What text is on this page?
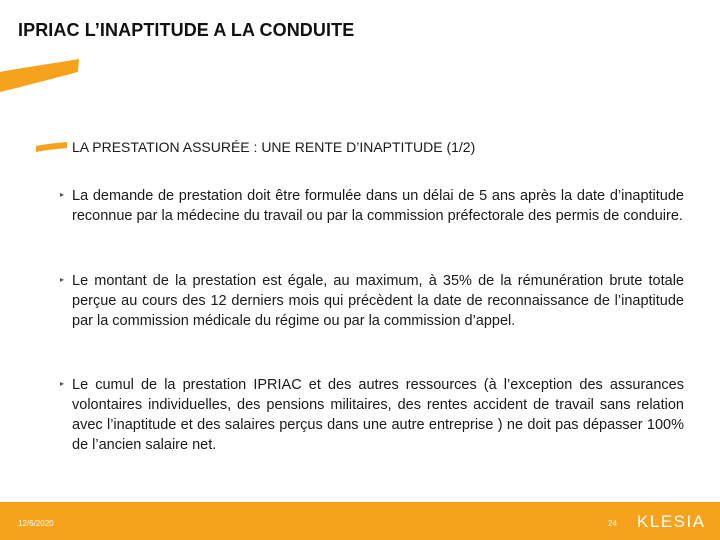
IPRIAC L’INAPTITUDE A LA CONDUITE
LA PRESTATION ASSURÉE : UNE RENTE D’INAPTITUDE (1/2)
▸ La demande de prestation doit être formulée dans un délai de 5 ans après la date d’inaptitude reconnue par la médecine du travail ou par la commission préfectorale des permis de conduire.
▸ Le montant de la prestation est égale, au maximum, à 35% de la rémunération brute totale perçue au cours des 12 derniers mois qui précèdent la date de reconnaissance de l’inaptitude par la commission médicale du régime ou par la commission d’appel.
▸ Le cumul de la prestation IPRIAC et des autres ressources (à l’exception des assurances volontaires individuelles, des pensions militaires, des rentes accident de travail sans relation avec l’inaptitude et des salaires perçus dans une autre entreprise ) ne doit pas dépasser 100% de l’ancien salaire net.
12/6/2020	24 KLESIA
